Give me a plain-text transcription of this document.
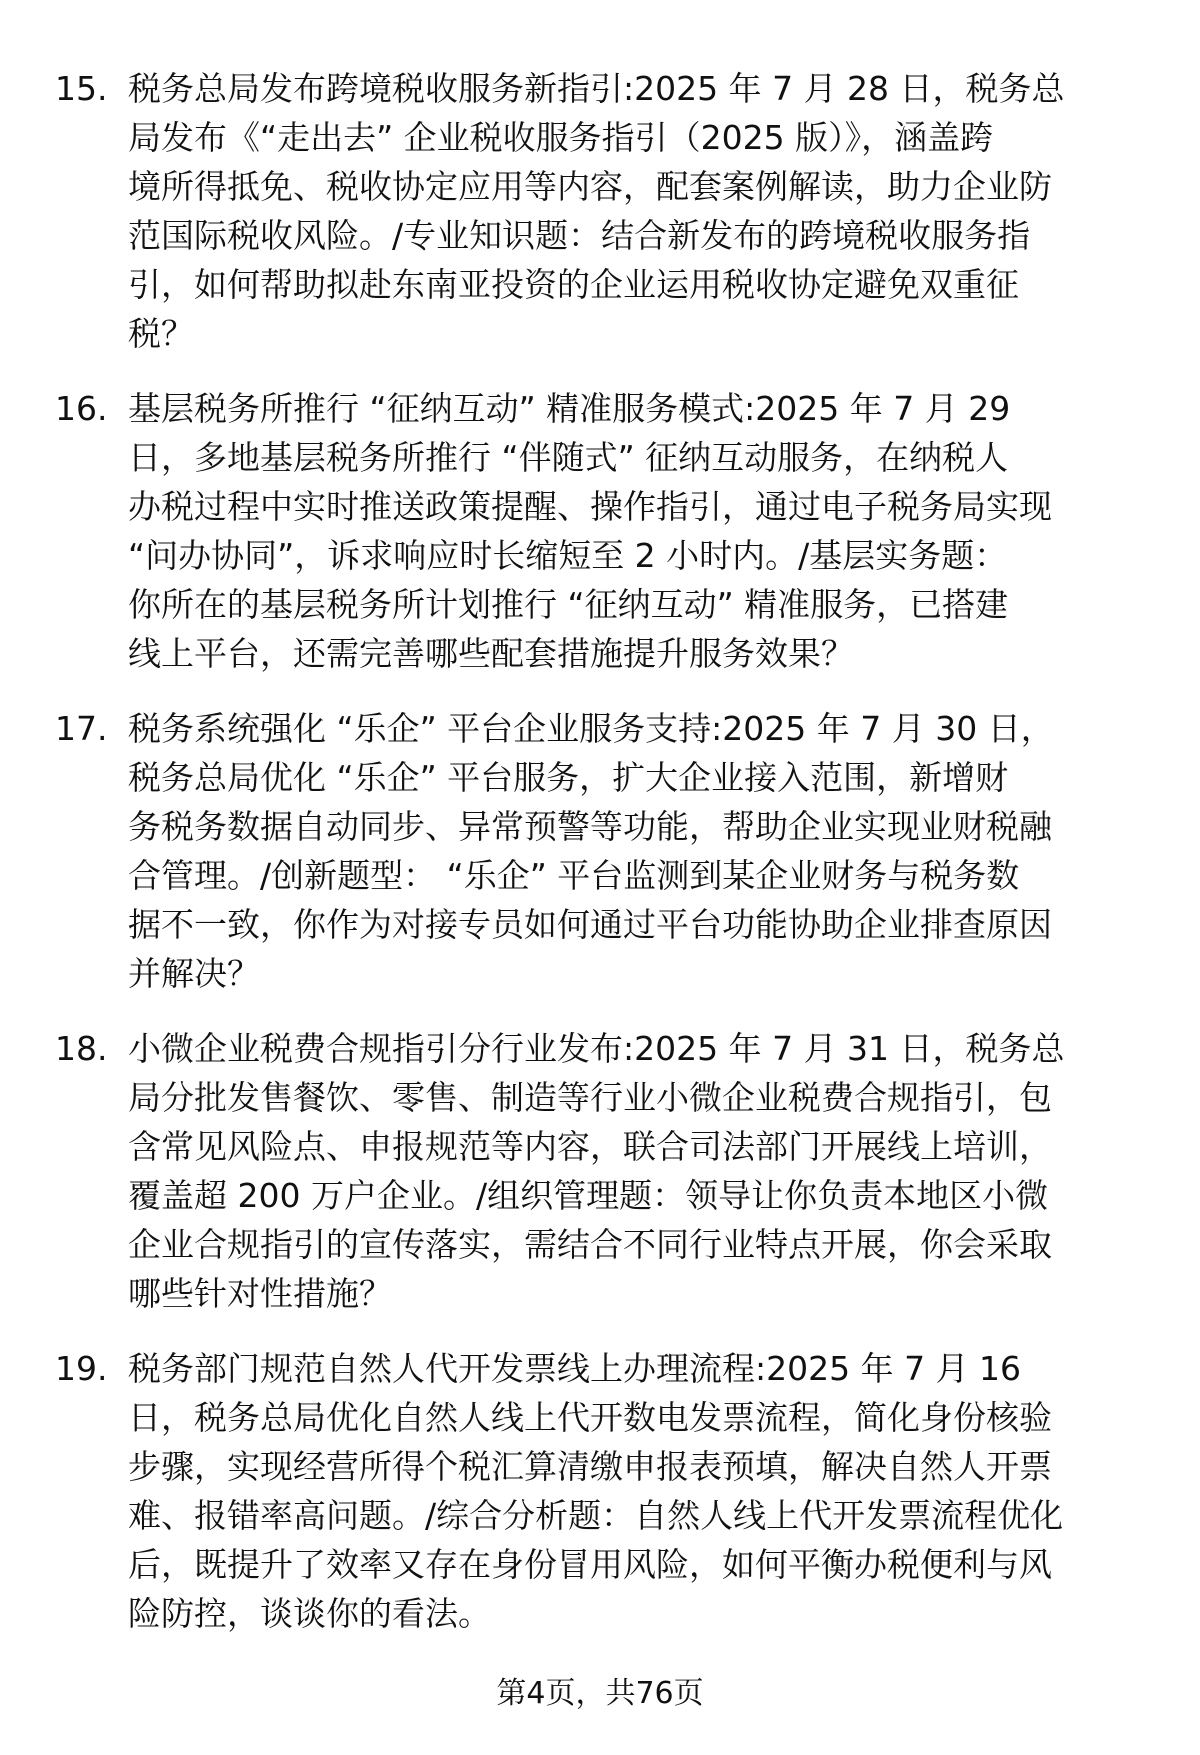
15. 税务总局发布跨境税收服务新指引:2025 年 7 月 28 日，税务总
局发布《“走出去” 企业税收服务指引（2025 版）》，涵盖跨
境所得抵免、税收协定应用等内容，配套案例解读，助力企业防
范国际税收风险。/专业知识题：结合新发布的跨境税收服务指
引，如何帮助拟赴东南亚投资的企业运用税收协定避免双重征
税？
16. 基层税务所推行 “征纳互动” 精准服务模式:2025 年 7 月 29
日，多地基层税务所推行 “伴随式” 征纳互动服务，在纳税人
办税过程中实时推送政策提醒、操作指引，通过电子税务局实现
“问办协同”，诉求响应时长缩短至 2 小时内。/基层实务题：
你所在的基层税务所计划推行 “征纳互动” 精准服务，已搭建
线上平台，还需完善哪些配套措施提升服务效果？
17. 税务系统强化 “乐企” 平台企业服务支持:2025 年 7 月 30 日，
税务总局优化 “乐企” 平台服务，扩大企业接入范围，新增财
务税务数据自动同步、异常预警等功能，帮助企业实现业财税融
合管理。/创新题型： “乐企” 平台监测到某企业财务与税务数
据不一致，你作为对接专员如何通过平台功能协助企业排查原因
并解决？
18. 小微企业税费合规指引分行业发布:2025 年 7 月 31 日，税务总
局分批发售餐饮、零售、制造等行业小微企业税费合规指引，包
含常见风险点、申报规范等内容，联合司法部门开展线上培训，
覆盖超 200 万户企业。/组织管理题：领导让你负责本地区小微
企业合规指引的宣传落实，需结合不同行业特点开展，你会采取
哪些针对性措施？
19. 税务部门规范自然人代开发票线上办理流程:2025 年 7 月 16
日，税务总局优化自然人线上代开数电发票流程，简化身份核验
步骤，实现经营所得个税汇算清缴申报表预填，解决自然人开票
难、报错率高问题。/综合分析题：自然人线上代开发票流程优化
后，既提升了效率又存在身份冒用风险，如何平衡办税便利与风
险防控，谈谈你的看法。
第4页，共76页
